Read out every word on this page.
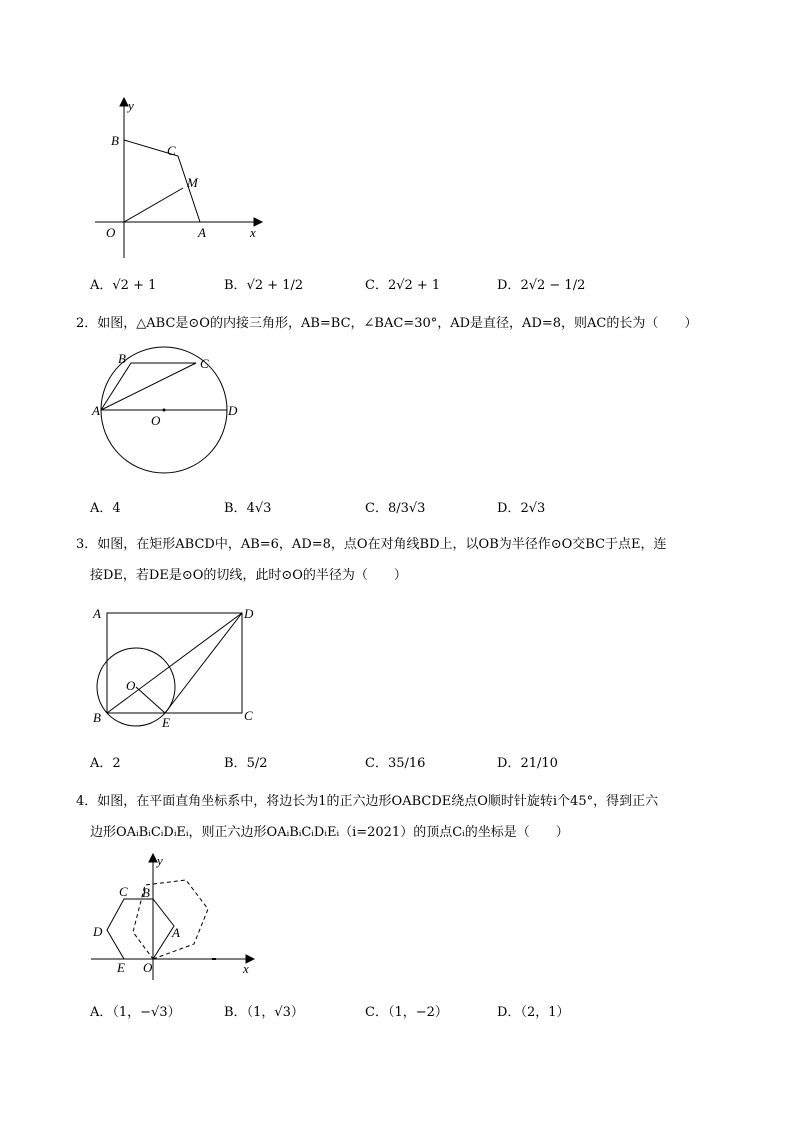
y
x
B
C
M
O	A
A．√2 + 1	B．√2 + 1/2	C．2√2 + 1	D．2√2 − 1/2
2．如图，△ABC是⊙O的内接三角形，AB=BC，∠BAC=30°，AD是直径，AD=8，则AC的长为（　　）
B	C
A	D
O
A．4	B．4√3	C．8/3√3	D．2√3
3．如图，在矩形ABCD中，AB=6，AD=8，点O在对角线BD上，以OB为半径作⊙O交BC于点E，连
接DE，若DE是⊙O的切线，此时⊙O的半径为（　　）
A	D
O
B	E	C
A．2	B．5/2	C．35/16	D．21/10
4．如图，在平面直角坐标系中，将边长为1的正六边形OABCDE绕点O顺时针旋转i个45°，得到正六
边形OAᵢBᵢCᵢDᵢEᵢ，则正六边形OAᵢBᵢCᵢDᵢEᵢ（i=2021）的顶点Cᵢ的坐标是（　　）
y
x
C B
D	A
E O
A．（1，−√3）	B．（1，√3）	C．（1，−2）	D．（2，1）
